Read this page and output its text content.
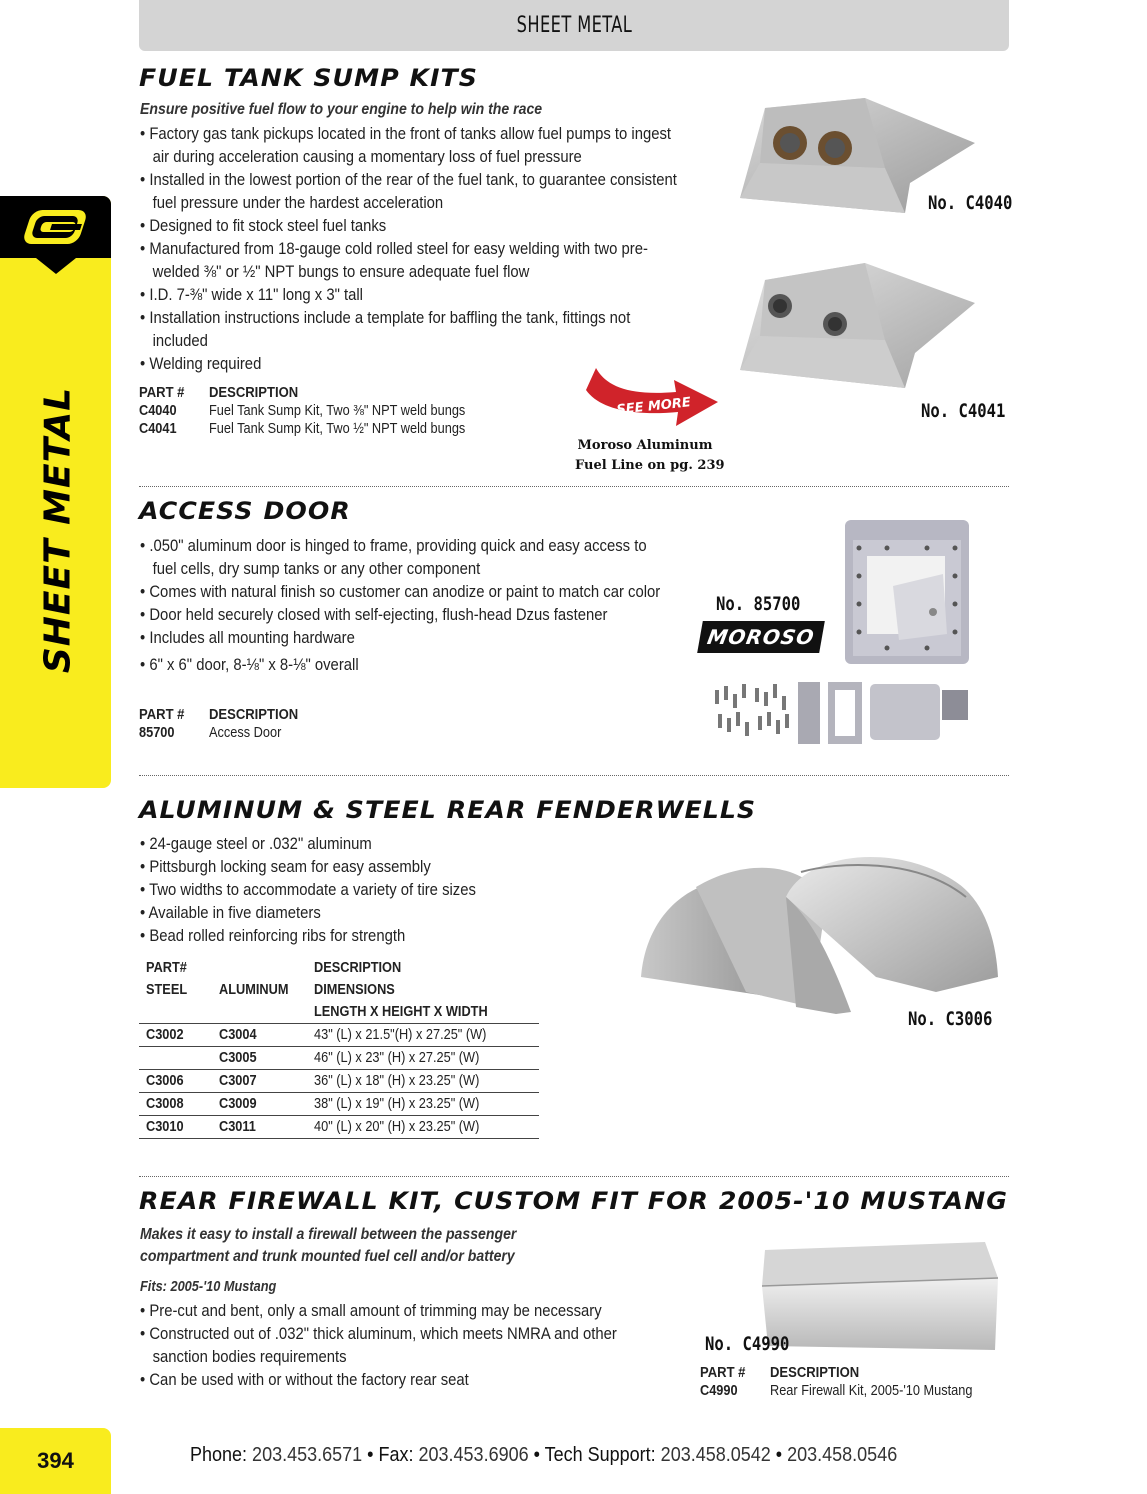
SHEET METAL
SHEET METAL
FUEL TANK SUMP KITS
Ensure positive fuel flow to your engine to help win the race
• Factory gas tank pickups located in the front of tanks allow fuel pumps to ingest air during acceleration causing a momentary loss of fuel pressure
• Installed in the lowest portion of the rear of the fuel tank, to guarantee consistent fuel pressure under the hardest acceleration
• Designed to fit stock steel fuel tanks
• Manufactured from 18-gauge cold rolled steel for easy welding with two pre-welded ⅜" or ½" NPT bungs to ensure adequate fuel flow
• I.D. 7-⅜" wide x 11" long x 3" tall
• Installation instructions include a template for baffling the tank, fittings not included
• Welding required
PART #	DESCRIPTION
C4040	Fuel Tank Sump Kit, Two ⅜" NPT weld bungs
C4041	Fuel Tank Sump Kit, Two ½" NPT weld bungs
SEE MORE
Moroso Aluminum
Fuel Line on pg. 239
No. C4040
No. C4041
ACCESS DOOR
• .050" aluminum door is hinged to frame, providing quick and easy access to fuel cells, dry sump tanks or any other component
• Comes with natural finish so customer can anodize or paint to match car color
• Door held securely closed with self-ejecting, flush-head Dzus fastener
• Includes all mounting hardware
• 6" x 6" door, 8-⅛" x 8-⅛" overall
PART #	DESCRIPTION
85700	Access Door
No. 85700
MOROSO
ALUMINUM & STEEL REAR FENDERWELLS
• 24-gauge steel or .032" aluminum
• Pittsburgh locking seam for easy assembly
• Two widths to accommodate a variety of tire sizes
• Available in five diameters
• Bead rolled reinforcing ribs for strength
PART#		DESCRIPTION
STEEL	ALUMINUM	DIMENSIONS
		LENGTH X HEIGHT X WIDTH
C3002	C3004	43" (L) x 21.5"(H) x 27.25" (W)
	C3005	46" (L) x 23" (H) x 27.25" (W)
C3006	C3007	36" (L) x 18" (H) x 23.25" (W)
C3008	C3009	38" (L) x 19" (H) x 23.25" (W)
C3010	C3011	40" (L) x 20" (H) x 23.25" (W)
No. C3006
REAR FIREWALL KIT, CUSTOM FIT FOR 2005-'10 MUSTANG
Makes it easy to install a firewall between the passenger
compartment and trunk mounted fuel cell and/or battery
Fits: 2005-'10 Mustang
• Pre-cut and bent, only a small amount of trimming may be necessary
• Constructed out of .032" thick aluminum, which meets NMRA and other sanction bodies requirements
• Can be used with or without the factory rear seat
No. C4990
PART #	DESCRIPTION
C4990	Rear Firewall Kit, 2005-'10 Mustang
394	Phone: 203.453.6571 • Fax: 203.453.6906 • Tech Support: 203.458.0542 • 203.458.0546
